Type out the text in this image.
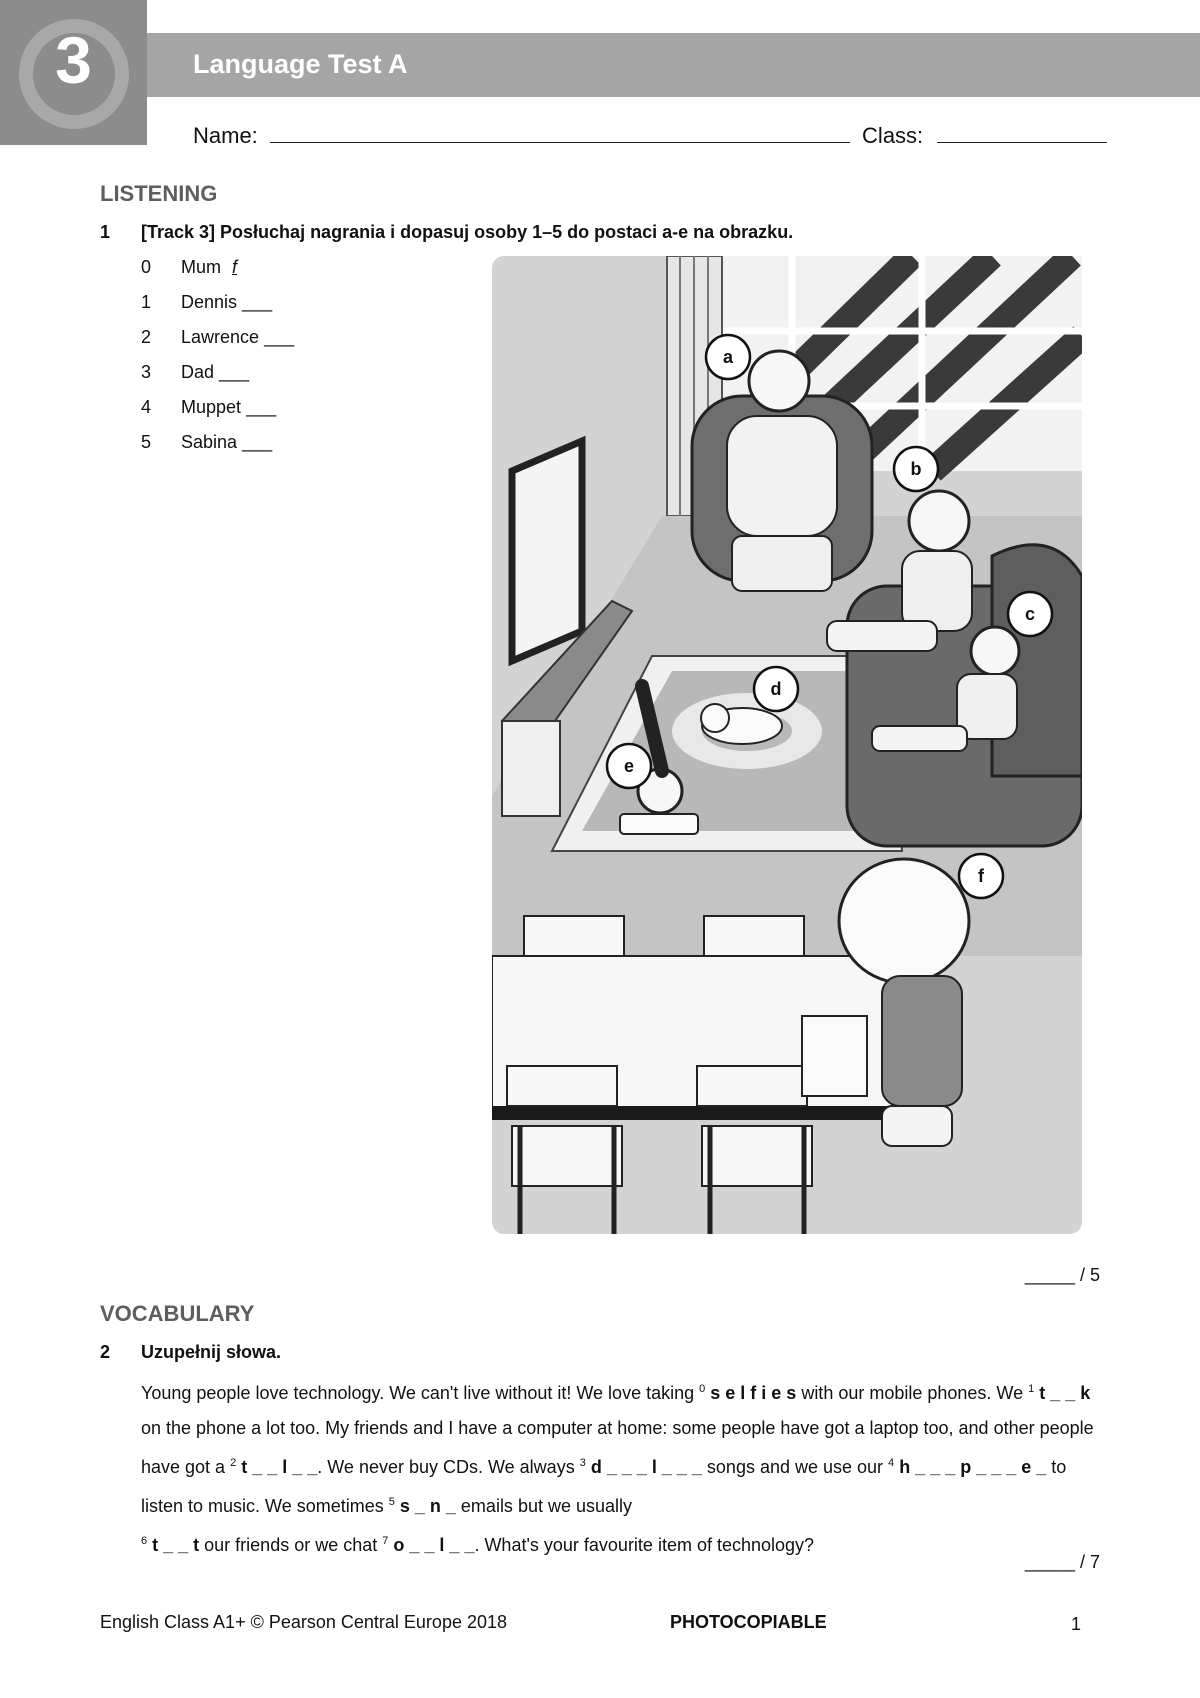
3	Language Test A
Name:	Class:
LISTENING
1 [Track 3] Posłuchaj nagrania i dopasuj osoby 1–5 do postaci a-e na obrazku.
0 Mum f
1 Dennis ___
2 Lawrence ___
3 Dad ___
4 Muppet ___
5 Sabina ___
a
b
c
d
e
f
_____ / 5
VOCABULARY
2 Uzupełnij słowa.
Young people love technology. We can't live without it! We love taking $^0$ s e l f i e s with our mobile phones. We $^1$ t _ _ k on the phone a lot too. My friends and I have a computer at home: some people have got a laptop too, and other people have got a $^2$ t _ _ l _ _. We never buy CDs. We always $^3$ d _ _ _ l _ _ _ songs and we use our $^4$ h _ _ _ p _ _ _ e _ to listen to music. We sometimes $^5$ s _ n _ emails but we usually
$^6$ t _ _ t our friends or we chat $^7$ o _ _ l _ _. What's your favourite item of technology?
_____ / 7
English Class A1+ © Pearson Central Europe 2018	PHOTOCOPIABLE	1
